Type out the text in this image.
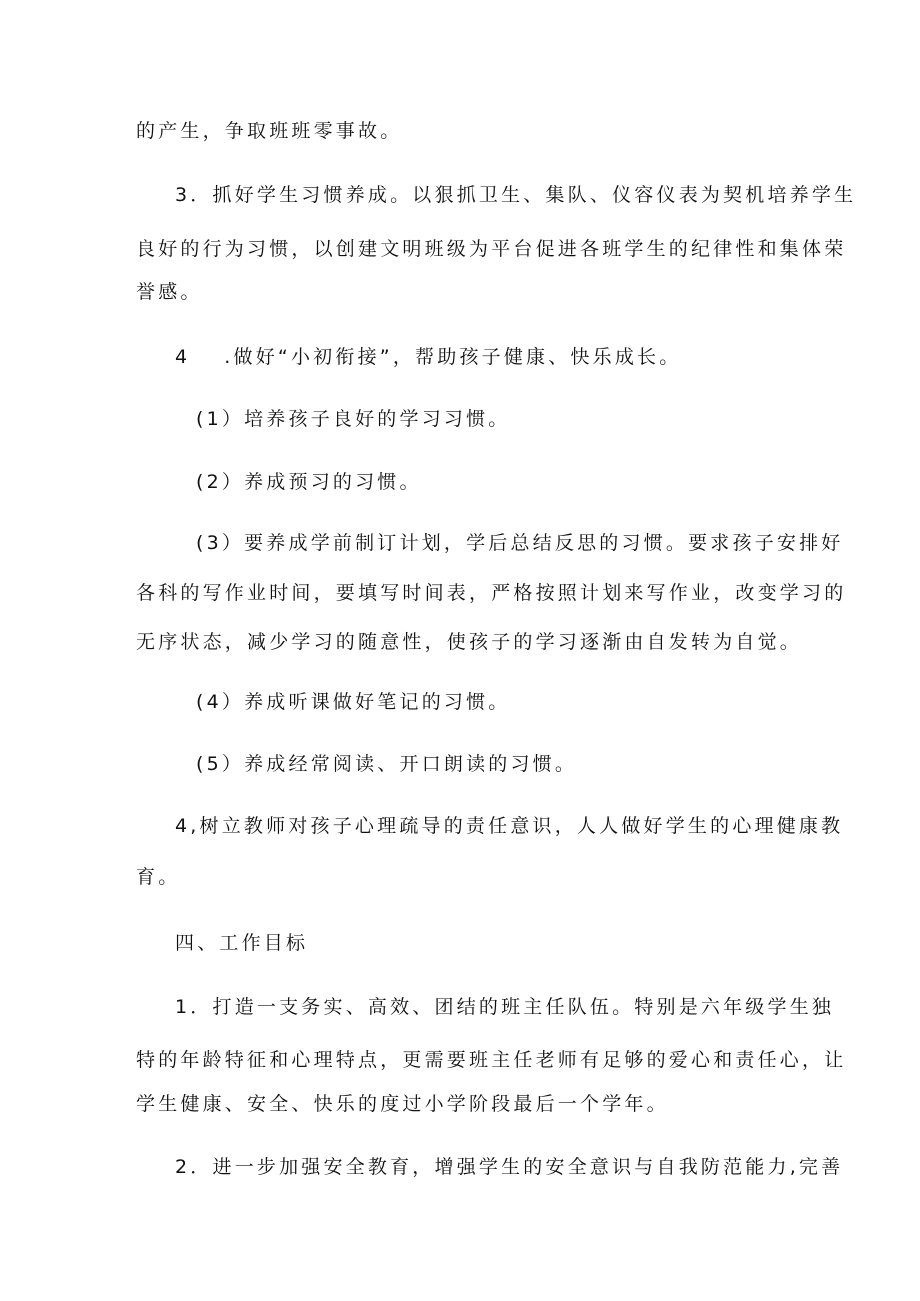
的产生，争取班班零事故。
3．抓好学生习惯养成。以狠抓卫生、集队、仪容仪表为契机培养学生
良好的行为习惯，以创建文明班级为平台促进各班学生的纪律性和集体荣
誉感。
4 .做好“小初衔接”，帮助孩子健康、快乐成长。
(1）培养孩子良好的学习习惯。
(2）养成预习的习惯。
(3）要养成学前制订计划，学后总结反思的习惯。要求孩子安排好
各科的写作业时间，要填写时间表，严格按照计划来写作业，改变学习的
无序状态，减少学习的随意性，使孩子的学习逐渐由自发转为自觉。
(4）养成听课做好笔记的习惯。
(5）养成经常阅读、开口朗读的习惯。
4,树立教师对孩子心理疏导的责任意识，人人做好学生的心理健康教
育。
四、工作目标
1．打造一支务实、高效、团结的班主任队伍。特别是六年级学生独
特的年龄特征和心理特点，更需要班主任老师有足够的爱心和责任心，让
学生健康、安全、快乐的度过小学阶段最后一个学年。
2．进一步加强安全教育，增强学生的安全意识与自我防范能力,完善
